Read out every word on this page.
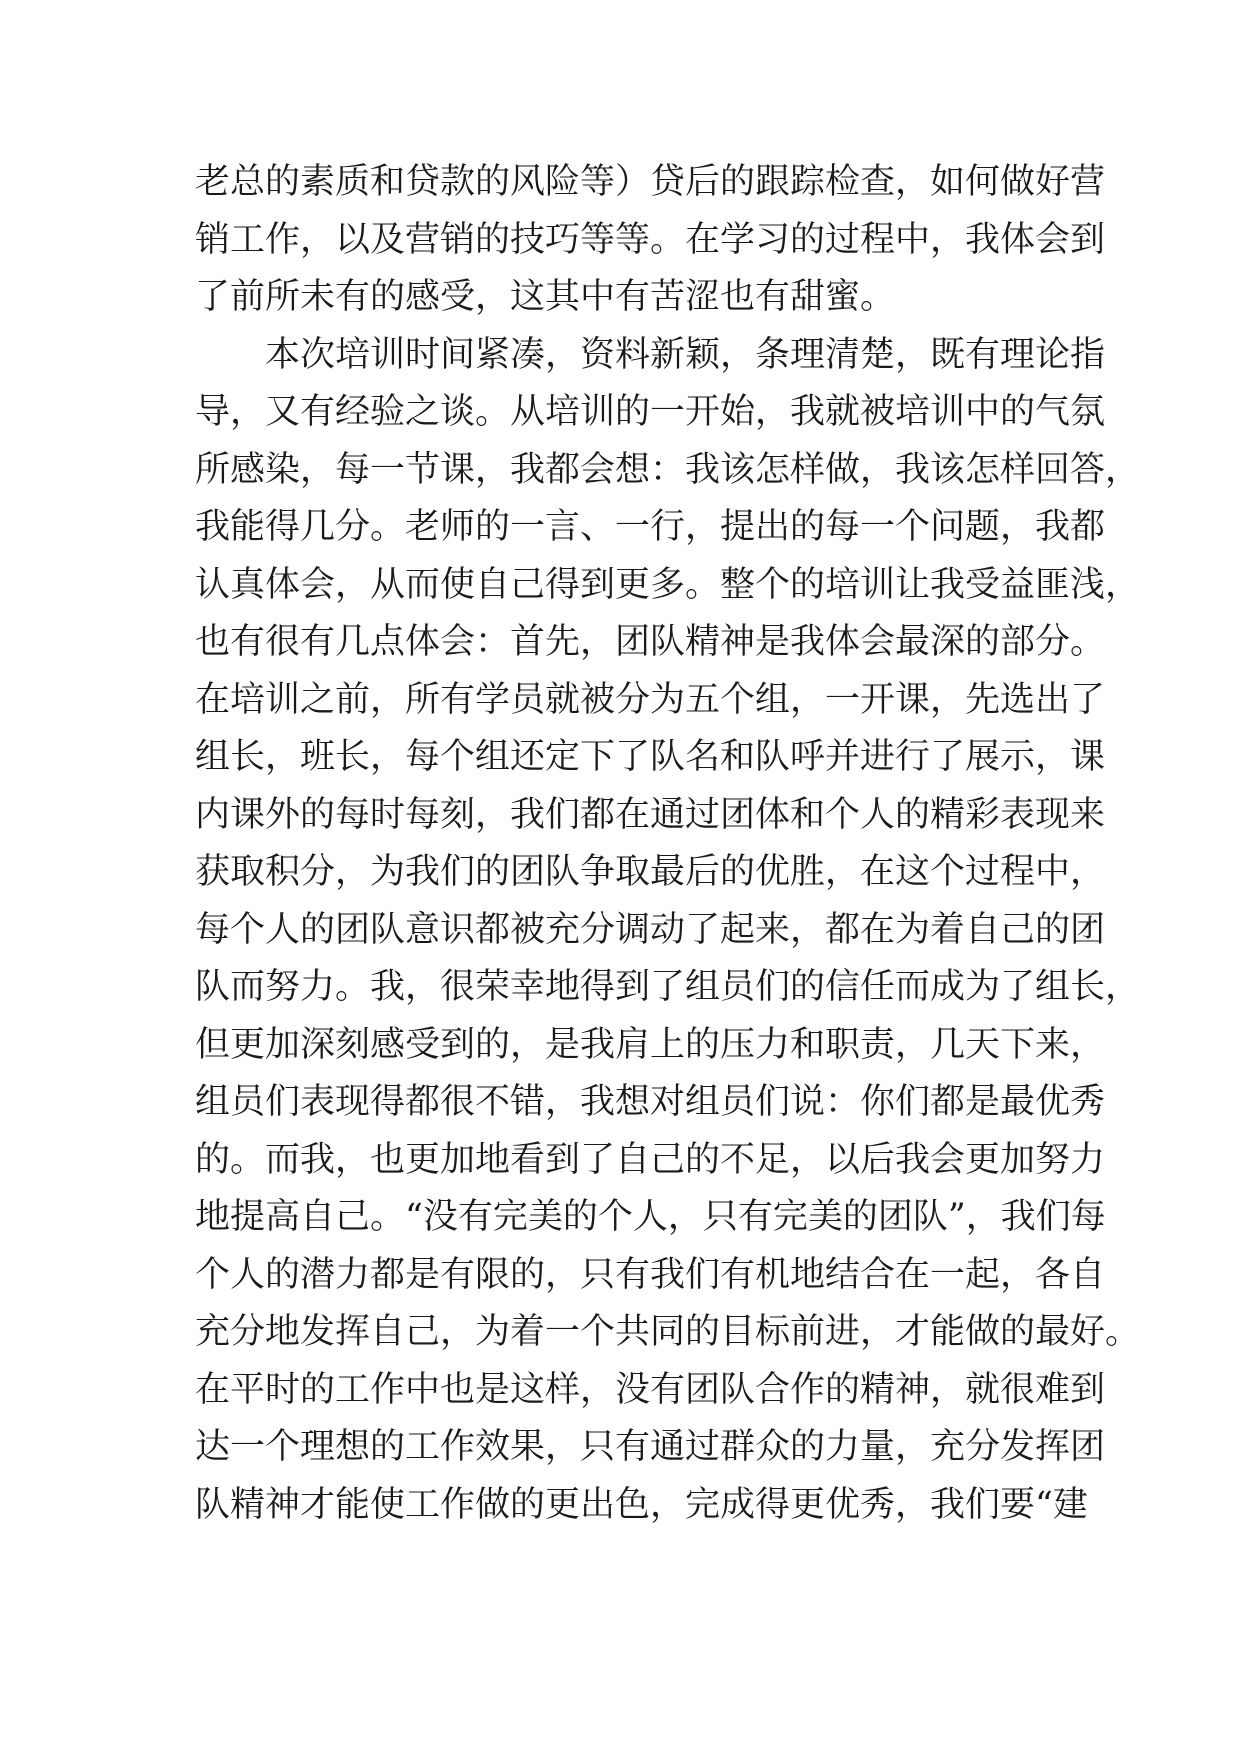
老总的素质和贷款的风险等）贷后的跟踪检查，如何做好营
销工作，以及营销的技巧等等。在学习的过程中，我体会到
了前所未有的感受，这其中有苦涩也有甜蜜。
本次培训时间紧凑，资料新颖，条理清楚，既有理论指
导，又有经验之谈。从培训的一开始，我就被培训中的气氛
所感染，每一节课，我都会想：我该怎样做，我该怎样回答，
我能得几分。老师的一言、一行，提出的每一个问题，我都
认真体会，从而使自己得到更多。整个的培训让我受益匪浅，
也有很有几点体会：首先，团队精神是我体会最深的部分。
在培训之前，所有学员就被分为五个组，一开课，先选出了
组长，班长，每个组还定下了队名和队呼并进行了展示，课
内课外的每时每刻，我们都在通过团体和个人的精彩表现来
获取积分，为我们的团队争取最后的优胜，在这个过程中，
每个人的团队意识都被充分调动了起来，都在为着自己的团
队而努力。我，很荣幸地得到了组员们的信任而成为了组长，
但更加深刻感受到的，是我肩上的压力和职责，几天下来，
组员们表现得都很不错，我想对组员们说：你们都是最优秀
的。而我，也更加地看到了自己的不足，以后我会更加努力
地提高自己。“没有完美的个人，只有完美的团队”，我们每
个人的潜力都是有限的，只有我们有机地结合在一起，各自
充分地发挥自己，为着一个共同的目标前进，才能做的最好。
在平时的工作中也是这样，没有团队合作的精神，就很难到
达一个理想的工作效果，只有通过群众的力量，充分发挥团
队精神才能使工作做的更出色，完成得更优秀，我们要“建
